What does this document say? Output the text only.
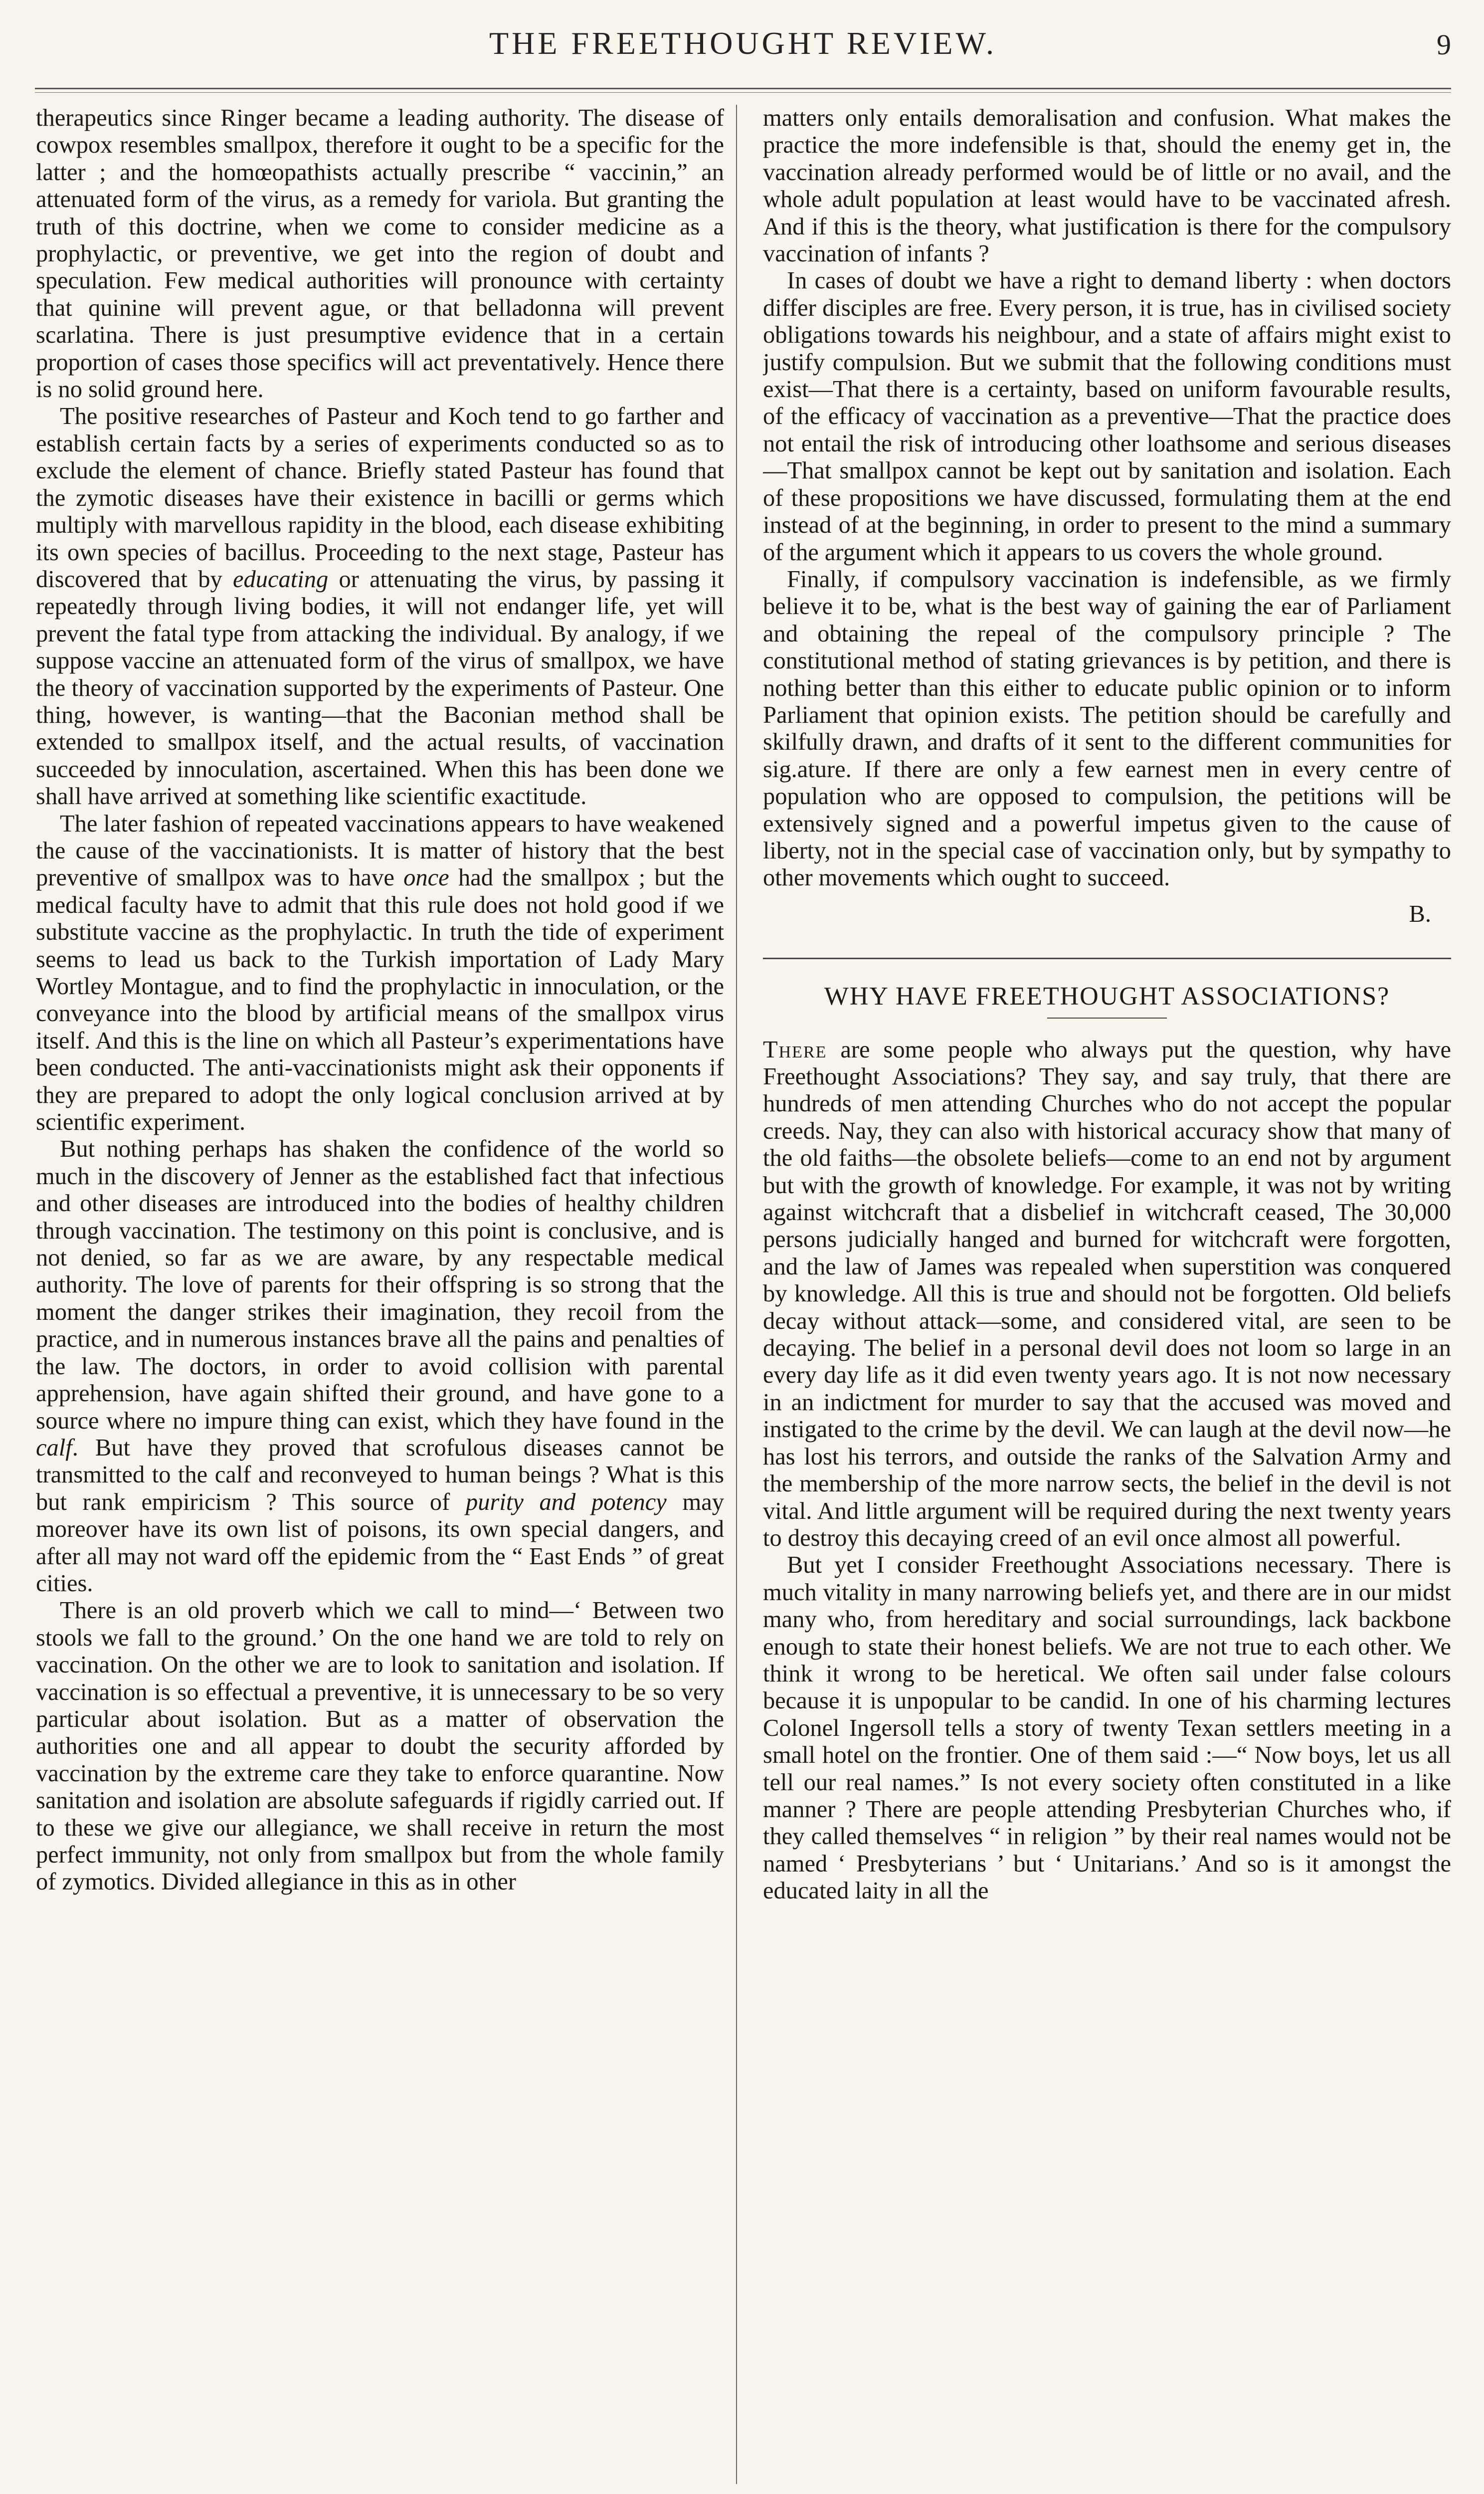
THE FREETHOUGHT REVIEW.	9

therapeutics since Ringer became a leading authority. The disease of cowpox resembles smallpox, therefore it ought to be a specific for the latter ; and the homœopathists actually prescribe “ vaccinin,” an attenuated form of the virus, as a remedy for variola. But granting the truth of this doctrine, when we come to consider medicine as a prophylactic, or preventive, we get into the region of doubt and speculation. Few medical authorities will pronounce with certainty that quinine will prevent ague, or that belladonna will prevent scarlatina. There is just presumptive evidence that in a certain proportion of cases those specifics will act preventatively. Hence there is no solid ground here.

The positive researches of Pasteur and Koch tend to go farther and establish certain facts by a series of experiments conducted so as to exclude the element of chance. Briefly stated Pasteur has found that the zymotic diseases have their existence in bacilli or germs which multiply with marvellous rapidity in the blood, each disease exhibiting its own species of bacillus. Proceeding to the next stage, Pasteur has discovered that by educating or attenuating the virus, by passing it repeatedly through living bodies, it will not endanger life, yet will prevent the fatal type from attacking the individual. By analogy, if we suppose vaccine an attenuated form of the virus of smallpox, we have the theory of vaccination supported by the experiments of Pasteur. One thing, however, is wanting—that the Baconian method shall be extended to smallpox itself, and the actual results, of vaccination succeeded by innoculation, ascertained. When this has been done we shall have arrived at something like scientific exactitude.

The later fashion of repeated vaccinations appears to have weakened the cause of the vaccinationists. It is matter of history that the best preventive of smallpox was to have once had the smallpox ; but the medical faculty have to admit that this rule does not hold good if we substitute vaccine as the prophylactic. In truth the tide of experiment seems to lead us back to the Turkish importation of Lady Mary Wortley Montague, and to find the prophylactic in innoculation, or the conveyance into the blood by artificial means of the smallpox virus itself. And this is the line on which all Pasteur’s experimentations have been conducted. The anti-vaccinationists might ask their opponents if they are prepared to adopt the only logical conclusion arrived at by scientific experiment.

But nothing perhaps has shaken the confidence of the world so much in the discovery of Jenner as the established fact that infectious and other diseases are introduced into the bodies of healthy children through vaccination. The testimony on this point is conclusive, and is not denied, so far as we are aware, by any respectable medical authority. The love of parents for their offspring is so strong that the moment the danger strikes their imagination, they recoil from the practice, and in numerous instances brave all the pains and penalties of the law. The doctors, in order to avoid collision with parental apprehension, have again shifted their ground, and have gone to a source where no impure thing can exist, which they have found in the calf. But have they proved that scrofulous diseases cannot be transmitted to the calf and reconveyed to human beings ? What is this but rank empiricism ? This source of purity and potency may moreover have its own list of poisons, its own special dangers, and after all may not ward off the epidemic from the “ East Ends ” of great cities.

There is an old proverb which we call to mind—‘ Between two stools we fall to the ground.’ On the one hand we are told to rely on vaccination. On the other we are to look to sanitation and isolation. If vaccination is so effectual a preventive, it is unnecessary to be so very particular about isolation. But as a matter of observation the authorities one and all appear to doubt the security afforded by vaccination by the extreme care they take to enforce quarantine. Now sanitation and isolation are absolute safeguards if rigidly carried out. If to these we give our allegiance, we shall receive in return the most perfect immunity, not only from smallpox but from the whole family of zymotics. Divided allegiance in this as in other

matters only entails demoralisation and confusion. What makes the practice the more indefensible is that, should the enemy get in, the vaccination already performed would be of little or no avail, and the whole adult population at least would have to be vaccinated afresh. And if this is the theory, what justification is there for the compulsory vaccination of infants ?

In cases of doubt we have a right to demand liberty : when doctors differ disciples are free. Every person, it is true, has in civilised society obligations towards his neighbour, and a state of affairs might exist to justify compulsion. But we submit that the following conditions must exist—That there is a certainty, based on uniform favourable results, of the efficacy of vaccination as a preventive—That the practice does not entail the risk of introducing other loathsome and serious diseases—That smallpox cannot be kept out by sanitation and isolation. Each of these propositions we have discussed, formulating them at the end instead of at the beginning, in order to present to the mind a summary of the argument which it appears to us covers the whole ground.

Finally, if compulsory vaccination is indefensible, as we firmly believe it to be, what is the best way of gaining the ear of Parliament and obtaining the repeal of the compulsory principle ? The constitutional method of stating grievances is by petition, and there is nothing better than this either to educate public opinion or to inform Parliament that opinion exists. The petition should be carefully and skilfully drawn, and drafts of it sent to the different communities for sig.ature. If there are only a few earnest men in every centre of population who are opposed to compulsion, the petitions will be extensively signed and a powerful impetus given to the cause of liberty, not in the special case of vaccination only, but by sympathy to other movements which ought to succeed.

B.
WHY HAVE FREETHOUGHT ASSOCIATIONS?

There are some people who always put the question, why have Freethought Associations? They say, and say truly, that there are hundreds of men attending Churches who do not accept the popular creeds. Nay, they can also with historical accuracy show that many of the old faiths—the obsolete beliefs—come to an end not by argument but with the growth of knowledge. For example, it was not by writing against witchcraft that a disbelief in witchcraft ceased, The 30,000 persons judicially hanged and burned for witchcraft were forgotten, and the law of James was repealed when superstition was conquered by knowledge. All this is true and should not be forgotten. Old beliefs decay without attack—some, and considered vital, are seen to be decaying. The belief in a personal devil does not loom so large in an every day life as it did even twenty years ago. It is not now necessary in an indictment for murder to say that the accused was moved and instigated to the crime by the devil. We can laugh at the devil now—he has lost his terrors, and outside the ranks of the Salvation Army and the membership of the more narrow sects, the belief in the devil is not vital. And little argument will be required during the next twenty years to destroy this decaying creed of an evil once almost all powerful.

But yet I consider Freethought Associations necessary. There is much vitality in many narrowing beliefs yet, and there are in our midst many who, from hereditary and social surroundings, lack backbone enough to state their honest beliefs. We are not true to each other. We think it wrong to be heretical. We often sail under false colours because it is unpopular to be candid. In one of his charming lectures Colonel Ingersoll tells a story of twenty Texan settlers meeting in a small hotel on the frontier. One of them said :—“ Now boys, let us all tell our real names.” Is not every society often constituted in a like manner ? There are people attending Presbyterian Churches who, if they called themselves “ in religion ” by their real names would not be named ‘ Presbyterians ’ but ‘ Unitarians.’ And so is it amongst the educated laity in all the
